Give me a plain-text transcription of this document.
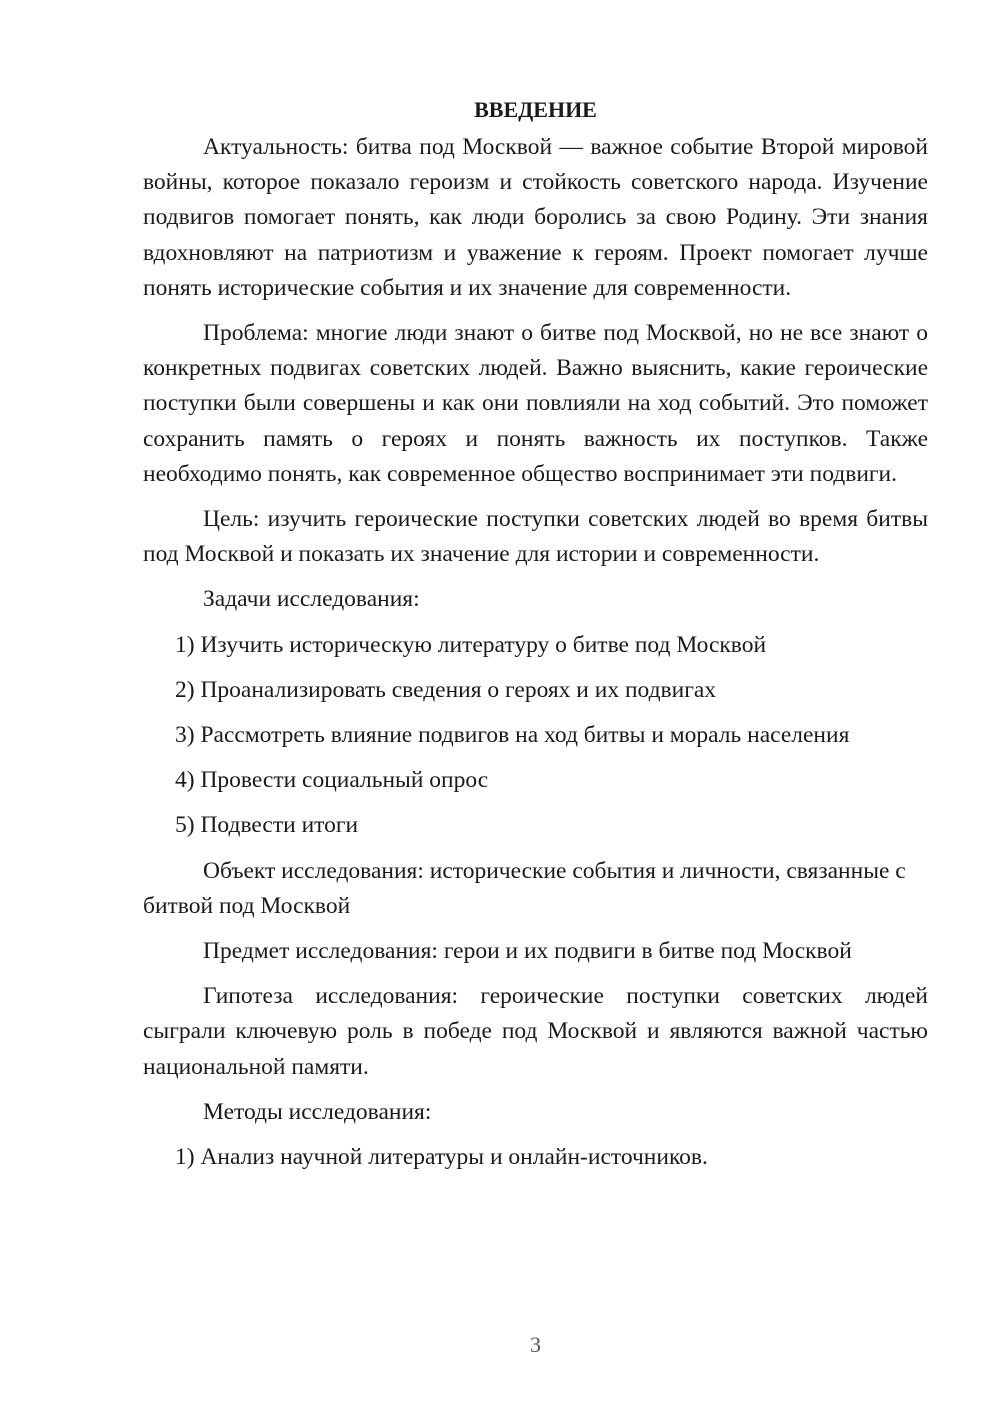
ВВЕДЕНИЕ

Актуальность: битва под Москвой — важное событие Второй мировой войны, которое показало героизм и стойкость советского народа. Изучение подвигов помогает понять, как люди боролись за свою Родину. Эти знания вдохновляют на патриотизм и уважение к героям. Проект помогает лучше понять исторические события и их значение для современности.

Проблема: многие люди знают о битве под Москвой, но не все знают о конкретных подвигах советских людей. Важно выяснить, какие героические поступки были совершены и как они повлияли на ход событий. Это поможет сохранить память о героях и понять важность их поступков. Также необходимо понять, как современное общество воспринимает эти подвиги.

Цель: изучить героические поступки советских людей во время битвы под Москвой и показать их значение для истории и современности.

Задачи исследования:

1) Изучить историческую литературу о битве под Москвой
2) Проанализировать сведения о героях и их подвигах
3) Рассмотреть влияние подвигов на ход битвы и мораль населения
4) Провести социальный опрос
5) Подвести итоги

Объект исследования: исторические события и личности, связанные с битвой под Москвой

Предмет исследования: герои и их подвиги в битве под Москвой

Гипотеза исследования: героические поступки советских людей сыграли ключевую роль в победе под Москвой и являются важной частью национальной памяти.

Методы исследования:

1) Анализ научной литературы и онлайн-источников.
3
